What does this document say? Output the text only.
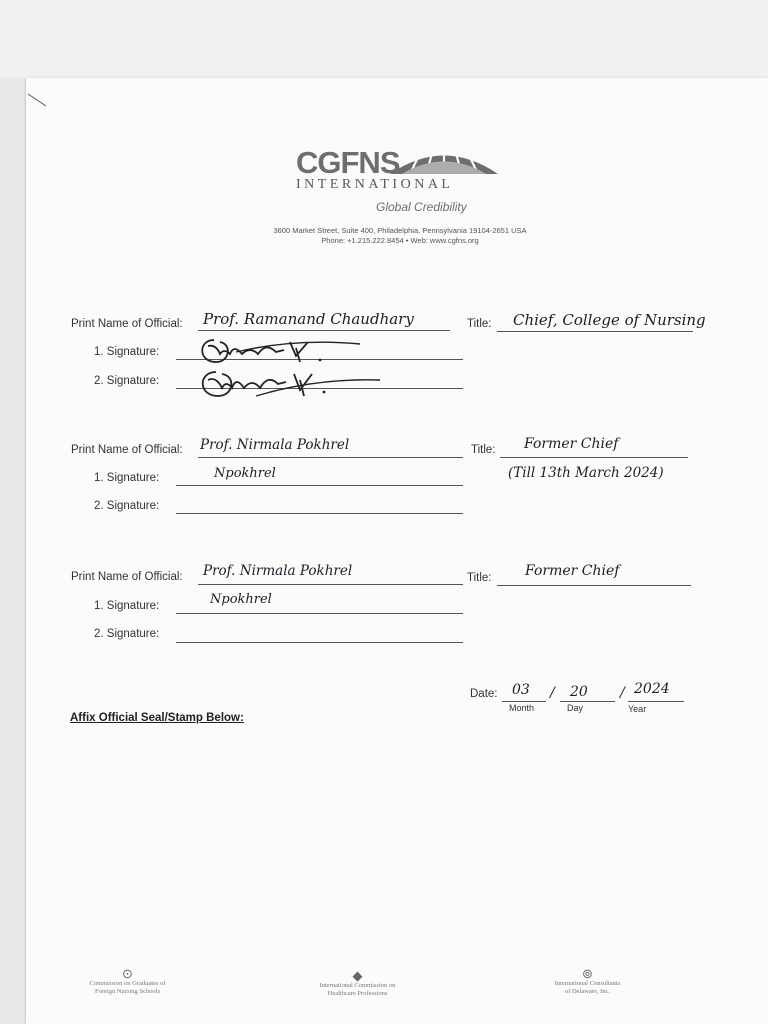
CGFNS
INTERNATIONAL
Global Credibility
3600 Market Street, Suite 400, Philadelphia, Pennsylvania 19104-2651 USA
Phone: +1.215.222.8454 • Web: www.cgfns.org
Print Name of Official: Prof. Ramanand Chaudhary	Title: Chief, College of Nursing
1. Signature:
2. Signature:
Print Name of Official: Prof. Nirmala Pokhrel	Title: Former Chief
(Till 13th March 2024)
1. Signature:	Npokhrel
2. Signature:
Print Name of Official: Prof. Nirmala Pokhrel	Title: Former Chief
1. Signature:	Npokhrel
2. Signature:
Date: 03 / 20 / 2024
Month	Day	Year
Affix Official Seal/Stamp Below:
⊙
Commission on Graduates of
Foreign Nursing Schools
◆
International Commission on
Healthcare Professions
⊚
International Consultants
of Delaware, Inc.
